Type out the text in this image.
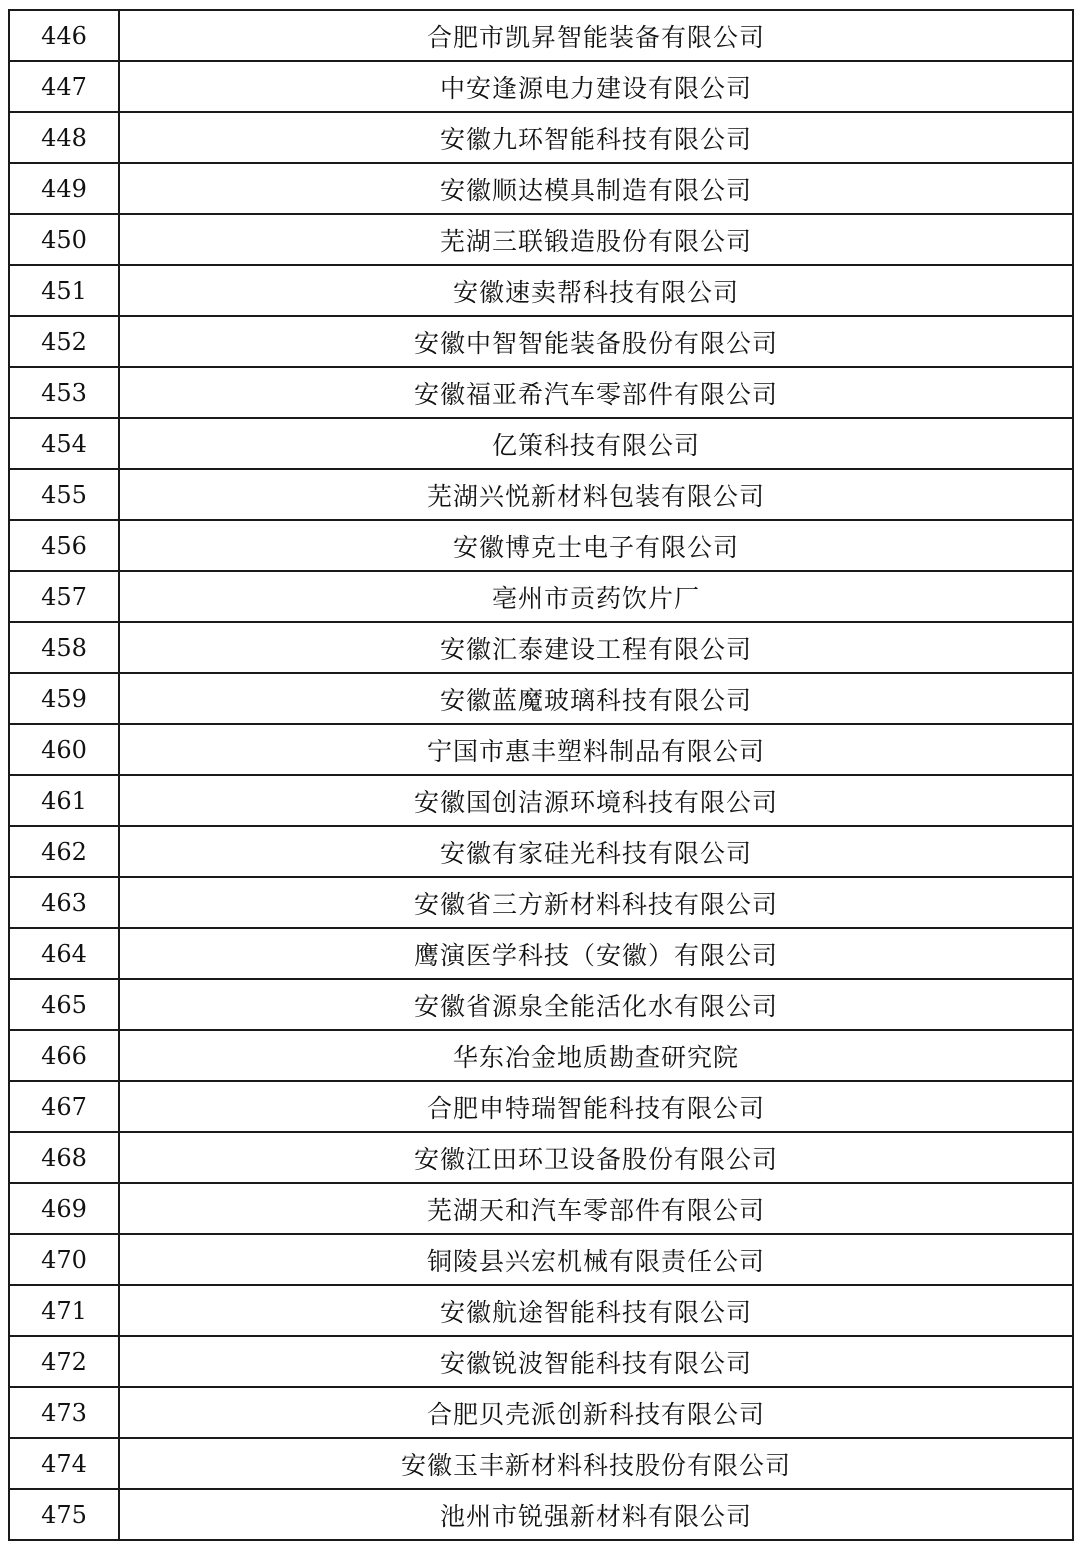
446	合肥市凯昇智能装备有限公司
447	中安逢源电力建设有限公司
448	安徽九环智能科技有限公司
449	安徽顺达模具制造有限公司
450	芜湖三联锻造股份有限公司
451	安徽速卖帮科技有限公司
452	安徽中智智能装备股份有限公司
453	安徽福亚希汽车零部件有限公司
454	亿策科技有限公司
455	芜湖兴悦新材料包装有限公司
456	安徽博克士电子有限公司
457	亳州市贡药饮片厂
458	安徽汇泰建设工程有限公司
459	安徽蓝魔玻璃科技有限公司
460	宁国市惠丰塑料制品有限公司
461	安徽国创洁源环境科技有限公司
462	安徽有家硅光科技有限公司
463	安徽省三方新材料科技有限公司
464	鹰演医学科技（安徽）有限公司
465	安徽省源泉全能活化水有限公司
466	华东冶金地质勘查研究院
467	合肥申特瑞智能科技有限公司
468	安徽江田环卫设备股份有限公司
469	芜湖天和汽车零部件有限公司
470	铜陵县兴宏机械有限责任公司
471	安徽航途智能科技有限公司
472	安徽锐波智能科技有限公司
473	合肥贝壳派创新科技有限公司
474	安徽玉丰新材料科技股份有限公司
475	池州市锐强新材料有限公司
